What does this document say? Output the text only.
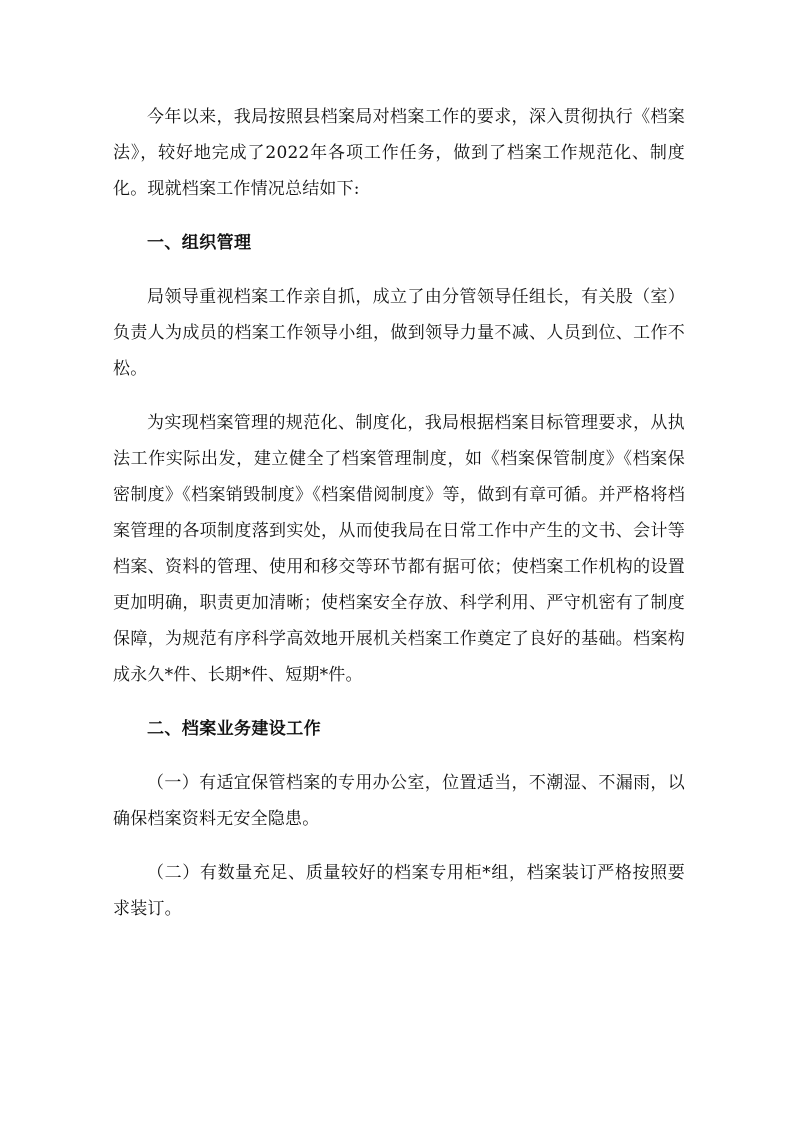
今年以来，我局按照县档案局对档案工作的要求，深入贯彻执行《档案法》，较好地完成了2022年各项工作任务，做到了档案工作规范化、制度化。现就档案工作情况总结如下:

一、组织管理

局领导重视档案工作亲自抓，成立了由分管领导任组长，有关股（室）负责人为成员的档案工作领导小组，做到领导力量不减、人员到位、工作不松。

为实现档案管理的规范化、制度化，我局根据档案目标管理要求，从执法工作实际出发，建立健全了档案管理制度，如《档案保管制度》《档案保密制度》《档案销毁制度》《档案借阅制度》等，做到有章可循。并严格将档案管理的各项制度落到实处，从而使我局在日常工作中产生的文书、会计等档案、资料的管理、使用和移交等环节都有据可依；使档案工作机构的设置更加明确，职责更加清晰；使档案安全存放、科学利用、严守机密有了制度保障，为规范有序科学高效地开展机关档案工作奠定了良好的基础。档案构成永久*件、长期*件、短期*件。

二、档案业务建设工作

（一）有适宜保管档案的专用办公室，位置适当，不潮湿、不漏雨，以确保档案资料无安全隐患。

（二）有数量充足、质量较好的档案专用柜*组，档案装订严格按照要求装订。
